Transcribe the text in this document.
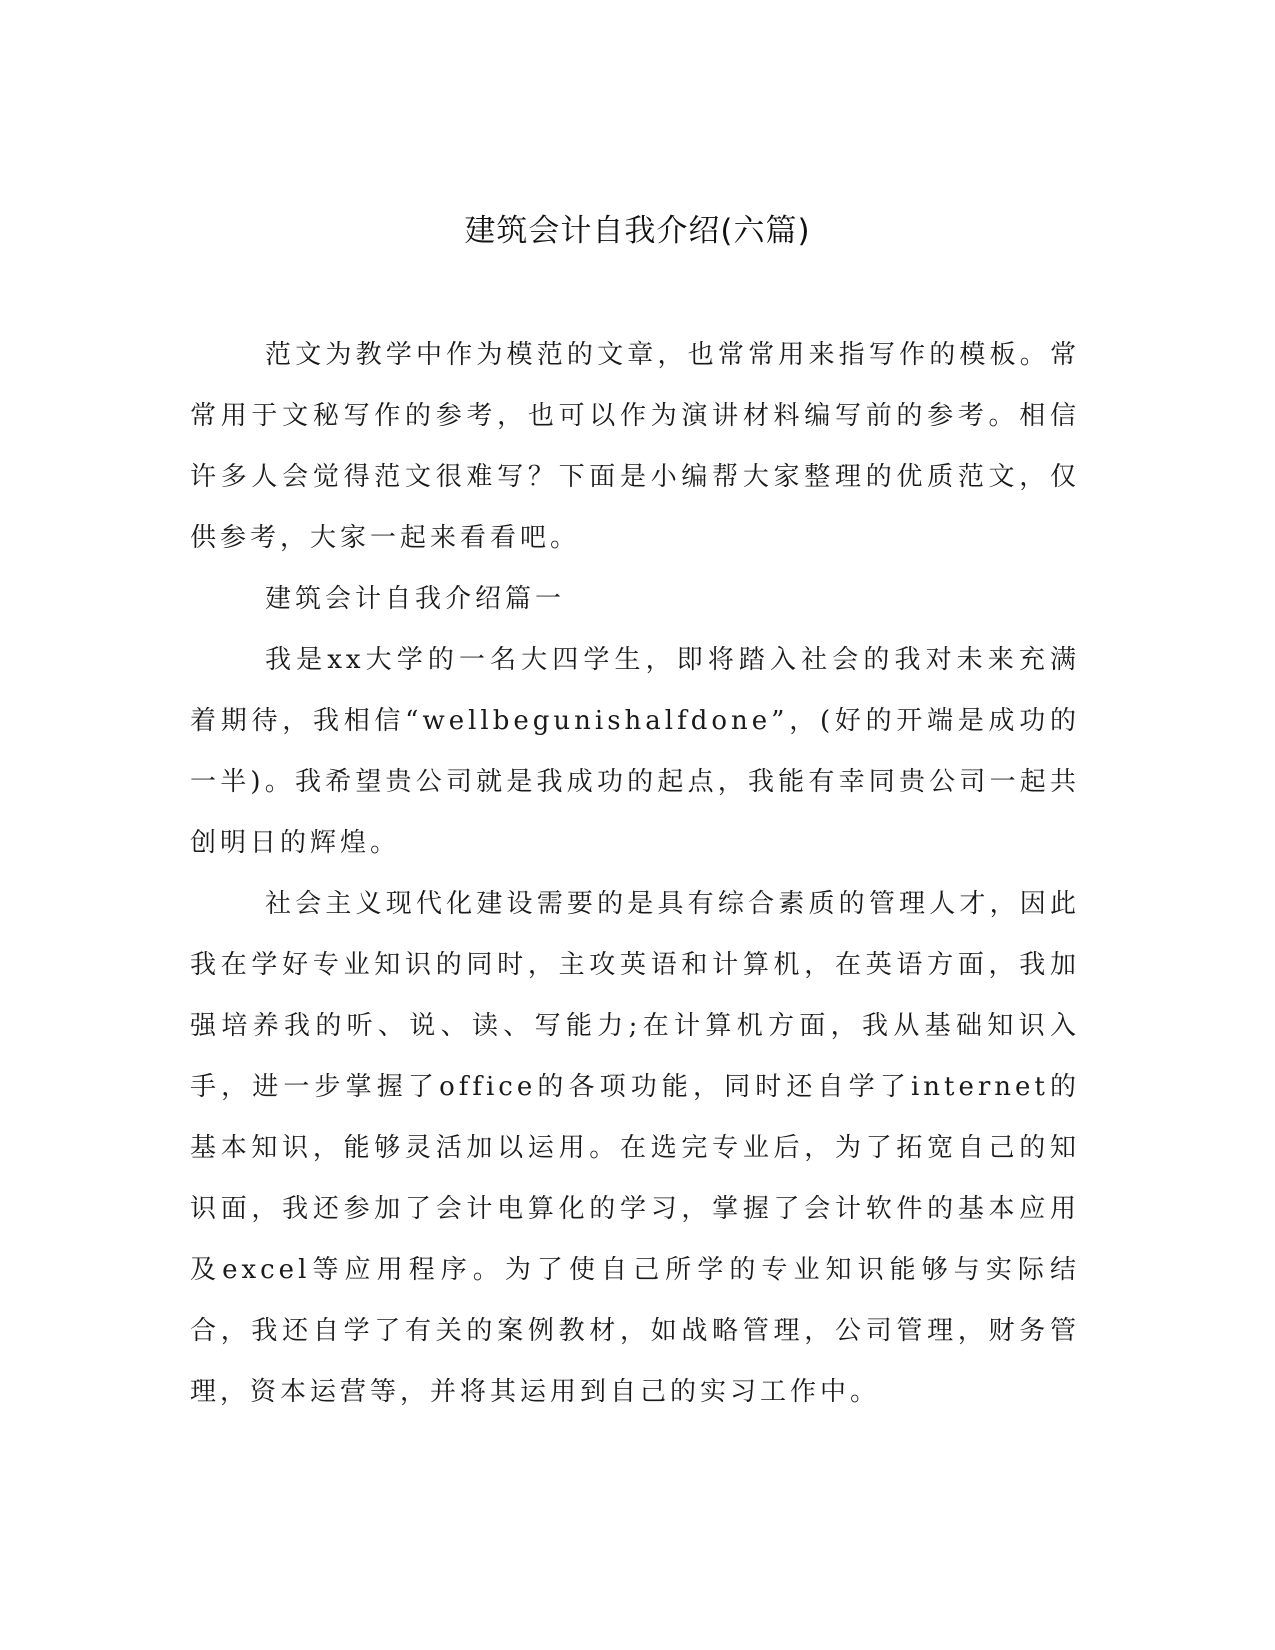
建筑会计自我介绍(六篇)

范文为教学中作为模范的文章，也常常用来指写作的模板。常常用于文秘写作的参考，也可以作为演讲材料编写前的参考。相信许多人会觉得范文很难写？下面是小编帮大家整理的优质范文，仅供参考，大家一起来看看吧。

建筑会计自我介绍篇一

我是xx大学的一名大四学生，即将踏入社会的我对未来充满着期待，我相信“wellbegunishalfdone”，(好的开端是成功的一半)。我希望贵公司就是我成功的起点，我能有幸同贵公司一起共创明日的辉煌。

社会主义现代化建设需要的是具有综合素质的管理人才，因此我在学好专业知识的同时，主攻英语和计算机，在英语方面，我加强培养我的听、说、读、写能力;在计算机方面，我从基础知识入手，进一步掌握了office的各项功能，同时还自学了internet的基本知识，能够灵活加以运用。在选完专业后，为了拓宽自己的知识面，我还参加了会计电算化的学习，掌握了会计软件的基本应用及excel等应用程序。为了使自己所学的专业知识能够与实际结合，我还自学了有关的案例教材，如战略管理，公司管理，财务管理，资本运营等，并将其运用到自己的实习工作中。
